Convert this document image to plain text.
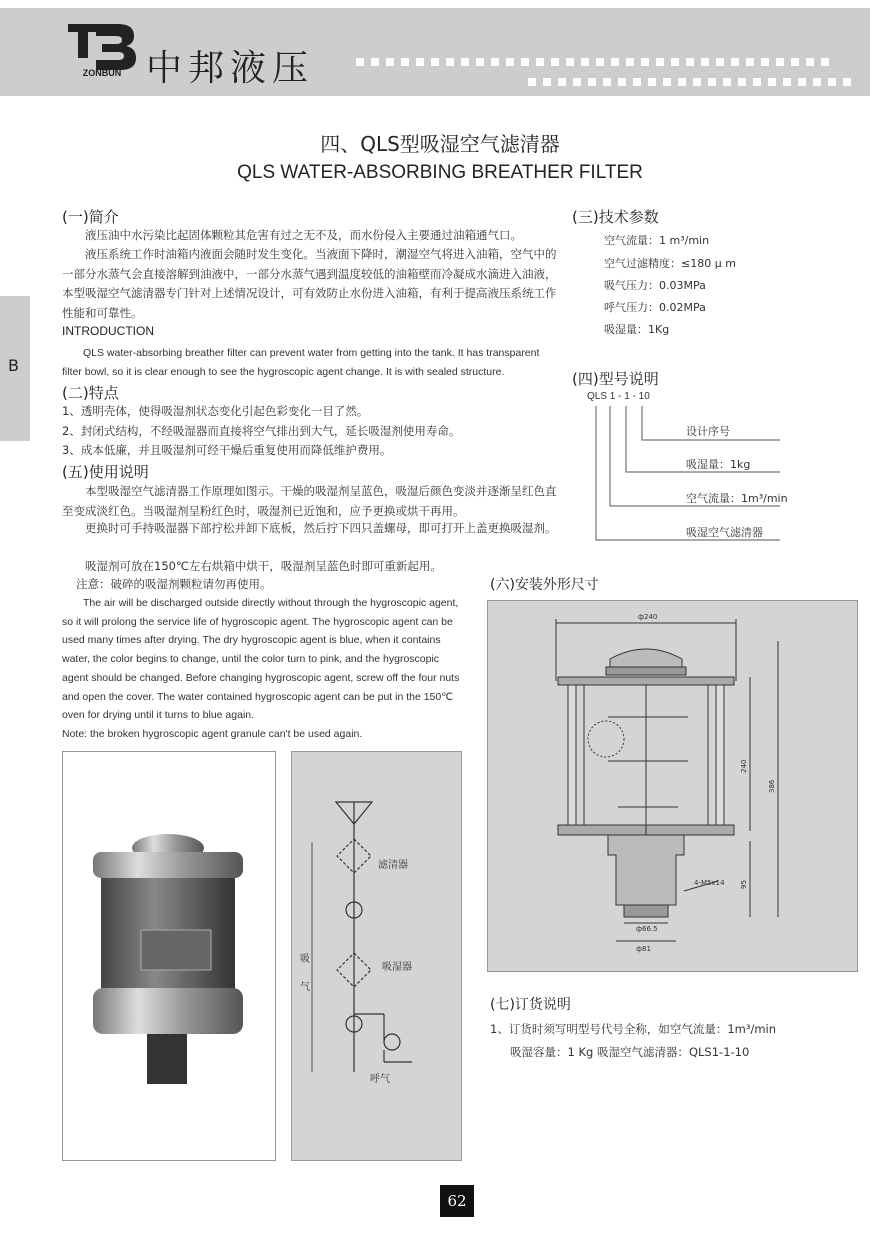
ZONBUN 中邦液压
B
四、QLS型吸湿空气滤清器
QLS WATER-ABSORBING BREATHER FILTER
(一)简介
液压油中水污染比起固体颗粒其危害有过之无不及，而水份侵入主要通过油箱通气口。
液压系统工作时油箱内液面会随时发生变化。当液面下降时，潮湿空气将进入油箱，空气中的一部分水蒸气会直接溶解到油液中，一部分水蒸气遇到温度较低的油箱壁而冷凝成水滴进入油液，本型吸湿空气滤清器专门针对上述情况设计，可有效防止水份进入油箱，有利于提高液压系统工作性能和可靠性。
INTRODUCTION
QLS water-absorbing breather filter can prevent water from getting into the tank. It has transparent filter bowl, so it is clear enough to see the hygroscopic agent change. It is with sealed structure.
(二)特点
1、透明壳体，使得吸湿剂状态变化引起色彩变化一目了然。
2、封闭式结构，不经吸湿器而直接将空气排出到大气，延长吸湿剂使用寿命。
3、成本低廉，并且吸湿剂可经干燥后重复使用而降低维护费用。
(五)使用说明
本型吸湿空气滤清器工作原理如图示。干燥的吸湿剂呈蓝色，吸湿后颜色变淡并逐渐呈红色直至变成淡红色。当吸湿剂呈粉红色时，吸湿剂已近饱和，应予更换或烘干再用。
更换时可手持吸湿器下部拧松并卸下底板，然后拧下四只盖螺母，即可打开上盖更换吸湿剂。
吸湿剂可放在150℃左右烘箱中烘干，吸湿剂呈蓝色时即可重新起用。
注意：破碎的吸湿剂颗粒请勿再使用。
The air will be discharged outside directly without through the hygroscopic agent, so it will prolong the service life of hygroscopic agent. The hygroscopic agent can be used many times after drying. The dry hygroscopic agent is blue, when it contains water, the color begins to change, until the color turn to pink, and the hygroscopic agent should be changed. Before changing hygroscopic agent, screw off the four nuts and open the cover. The water contained hygroscopic agent can be put in the 150℃ oven for drying until it turns to blue again.
Note: the broken hygroscopic agent granule can't be used again.
(三)技术参数
空气流量：1 m³/min
空气过滤精度：≤180 μ m
吸气压力：0.03MPa
呼气压力：0.02MPa
吸湿量：1Kg
(四)型号说明
QLS 1 - 1 - 10
设计序号
吸湿量：1kg
空气流量：1m³/min
吸湿空气滤清器
(六)安装外形尺寸
ф240
240
386
95
4-M5x14
ф66.5
ф81
滤清器
吸湿器
吸
气
呼气
(七)订货说明
1、订货时须写明型号代号全称，如空气流量：1m³/min
吸湿容量：1 Kg 吸湿空气滤清器：QLS1-1-10
62
